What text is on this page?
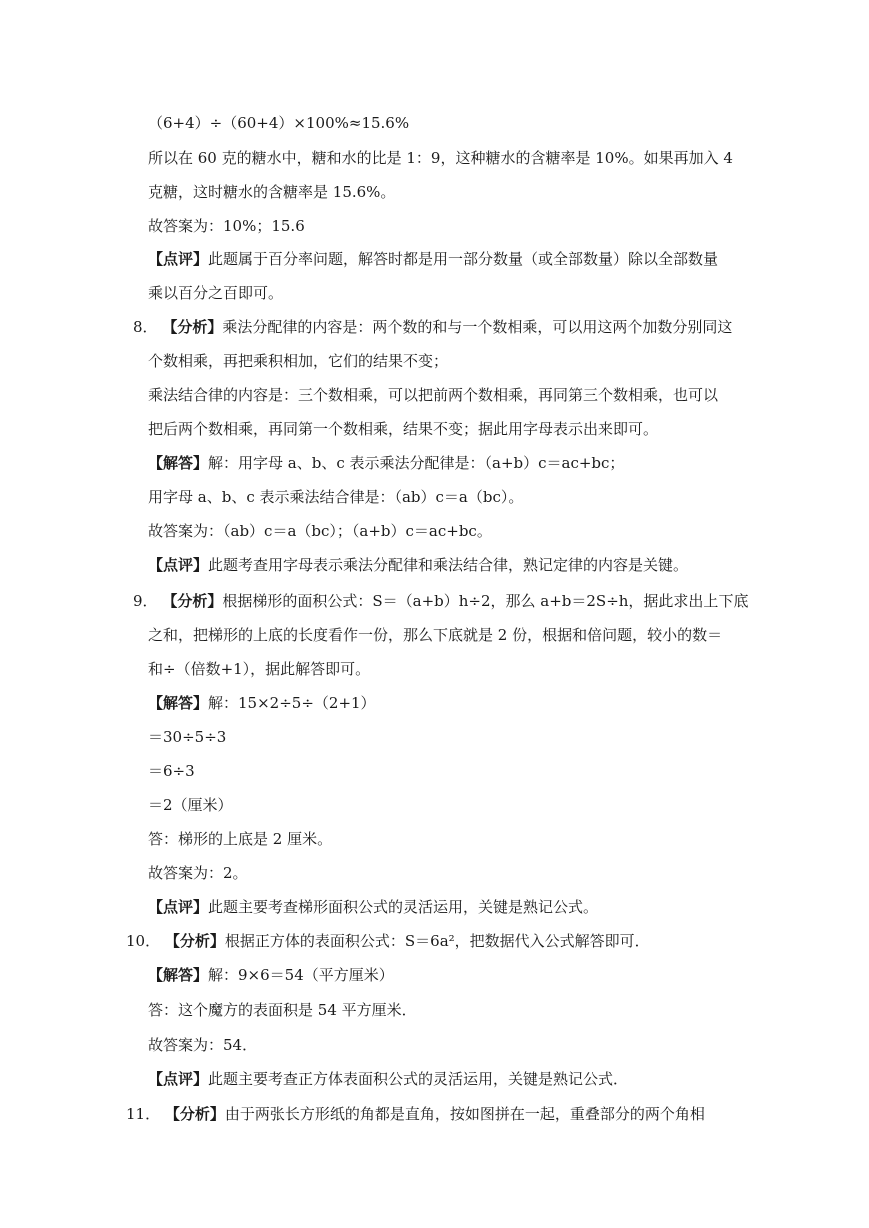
（6+4）÷（60+4）×100%≈15.6%
所以在 60 克的糖水中，糖和水的比是 1：9，这种糖水的含糖率是 10%。如果再加入 4
克糖，这时糖水的含糖率是 15.6%。
故答案为：10%；15.6
【点评】此题属于百分率问题，解答时都是用一部分数量（或全部数量）除以全部数量
乘以百分之百即可。
8． 【分析】乘法分配律的内容是：两个数的和与一个数相乘，可以用这两个加数分别同这
个数相乘，再把乘积相加，它们的结果不变；
乘法结合律的内容是：三个数相乘，可以把前两个数相乘，再同第三个数相乘，也可以
把后两个数相乘，再同第一个数相乘，结果不变；据此用字母表示出来即可。
【解答】解：用字母 a、b、c 表示乘法分配律是：（a+b）c＝ac+bc；
用字母 a、b、c 表示乘法结合律是：（ab）c＝a（bc）。
故答案为：（ab）c＝a（bc）；（a+b）c＝ac+bc。
【点评】此题考查用字母表示乘法分配律和乘法结合律，熟记定律的内容是关键。
9． 【分析】根据梯形的面积公式：S＝（a+b）h÷2，那么 a+b＝2S÷h，据此求出上下底
之和，把梯形的上底的长度看作一份，那么下底就是 2 份，根据和倍问题，较小的数＝
和÷（倍数+1），据此解答即可。
【解答】解：15×2÷5÷（2+1）
＝30÷5÷3
＝6÷3
＝2（厘米）
答：梯形的上底是 2 厘米。
故答案为：2。
【点评】此题主要考查梯形面积公式的灵活运用，关键是熟记公式。
10． 【分析】根据正方体的表面积公式：S＝6a²，把数据代入公式解答即可．
【解答】解：9×6＝54（平方厘米）
答：这个魔方的表面积是 54 平方厘米．
故答案为：54．
【点评】此题主要考查正方体表面积公式的灵活运用，关键是熟记公式．
11． 【分析】由于两张长方形纸的角都是直角，按如图拼在一起，重叠部分的两个角相
